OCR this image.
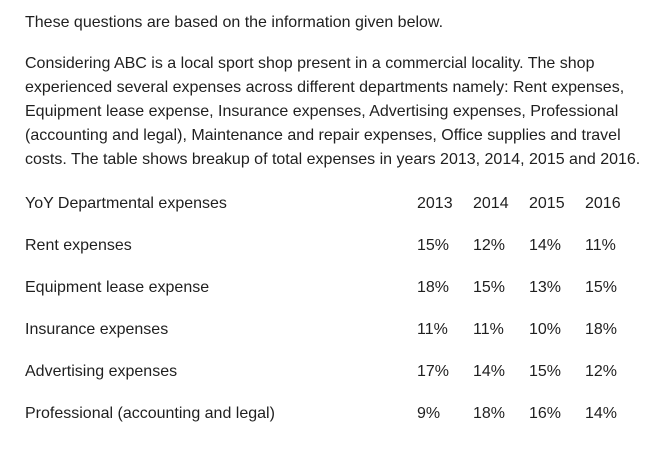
These questions are based on the information given below.

Considering ABC is a local sport shop present in a commercial locality. The shop experienced several expenses across different departments namely: Rent expenses, Equipment lease expense, Insurance expenses, Advertising expenses, Professional (accounting and legal), Maintenance and repair expenses, Office supplies and travel costs. The table shows breakup of total expenses in years 2013, 2014, 2015 and 2016.

YoY Departmental expenses	2013	2014	2015	2016
Rent expenses	15%	12%	14%	11%
Equipment lease expense	18%	15%	13%	15%
Insurance expenses	11%	11%	10%	18%
Advertising expenses	17%	14%	15%	12%
Professional (accounting and legal)	9%	18%	16%	14%
